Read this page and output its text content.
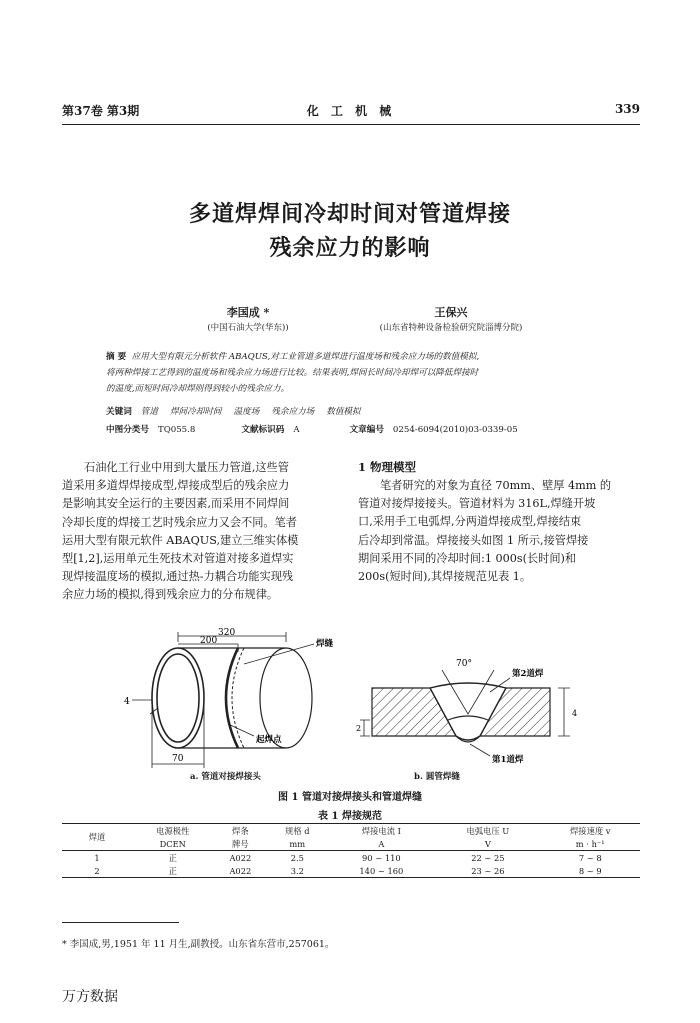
第37卷 第3期	化 工 机 械	339
多道焊焊间冷却时间对管道焊接
残余应力的影响
李国成 *
(中国石油大学(华东))
王保兴
(山东省特种设备检验研究院淄博分院)
摘 要 应用大型有限元分析软件 ABAQUS,对工业管道多道焊进行温度场和残余应力场的数值模拟,
将两种焊接工艺得到的温度场和残余应力场进行比较。结果表明,焊间长时间冷却焊可以降低焊接时
的温度,而短时间冷却焊则得到较小的残余应力。
关键词 管道 焊间冷却时间 温度场 残余应力场 数值模拟
中图分类号 TQ055.8	文献标识码 A	文章编号 0254-6094(2010)03-0339-05

石油化工行业中用到大量压力管道,这些管

道采用多道焊焊接成型,焊接成型后的残余应力

是影响其安全运行的主要因素,而采用不同焊间

冷却长度的焊接工艺时残余应力又会不同。笔者

运用大型有限元软件 ABAQUS,建立三维实体模

型[1,2],运用单元生死技术对管道对接多道焊实

现焊接温度场的模拟,通过热-力耦合功能实现残

余应力场的模拟,得到残余应力的分布规律。

1 物理模型

笔者研究的对象为直径 70mm、壁厚 4mm 的

管道对接焊接接头。管道材料为 316L,焊缝开坡

口,采用手工电弧焊,分两道焊接成型,焊接结束

后冷却到常温。焊接接头如图 1 所示,接管焊接

期间采用不同的冷却时间:1 000s(长时间)和

200s(短时间),其焊接规范见表 1。

320
200
4
70
焊缝
起焊点
a. 管道对接焊接头
70°
第2道焊
第1道焊
2
4
b. 圆管焊缝
图 1 管道对接焊接头和管道焊缝
表 1 焊接规范
焊道	电源极性	焊条	规格 d	焊接电流 I	电弧电压 U	焊接速度 v
	DCEN	牌号	mm	A	V	m · h⁻¹
1	正	A022	2.5	90 ~ 110	22 ~ 25	7 ~ 8
2	正	A022	3.2	140 ~ 160	23 ~ 26	8 ~ 9
* 李国成,男,1951 年 11 月生,副教授。山东省东营市,257061。
万方数据
